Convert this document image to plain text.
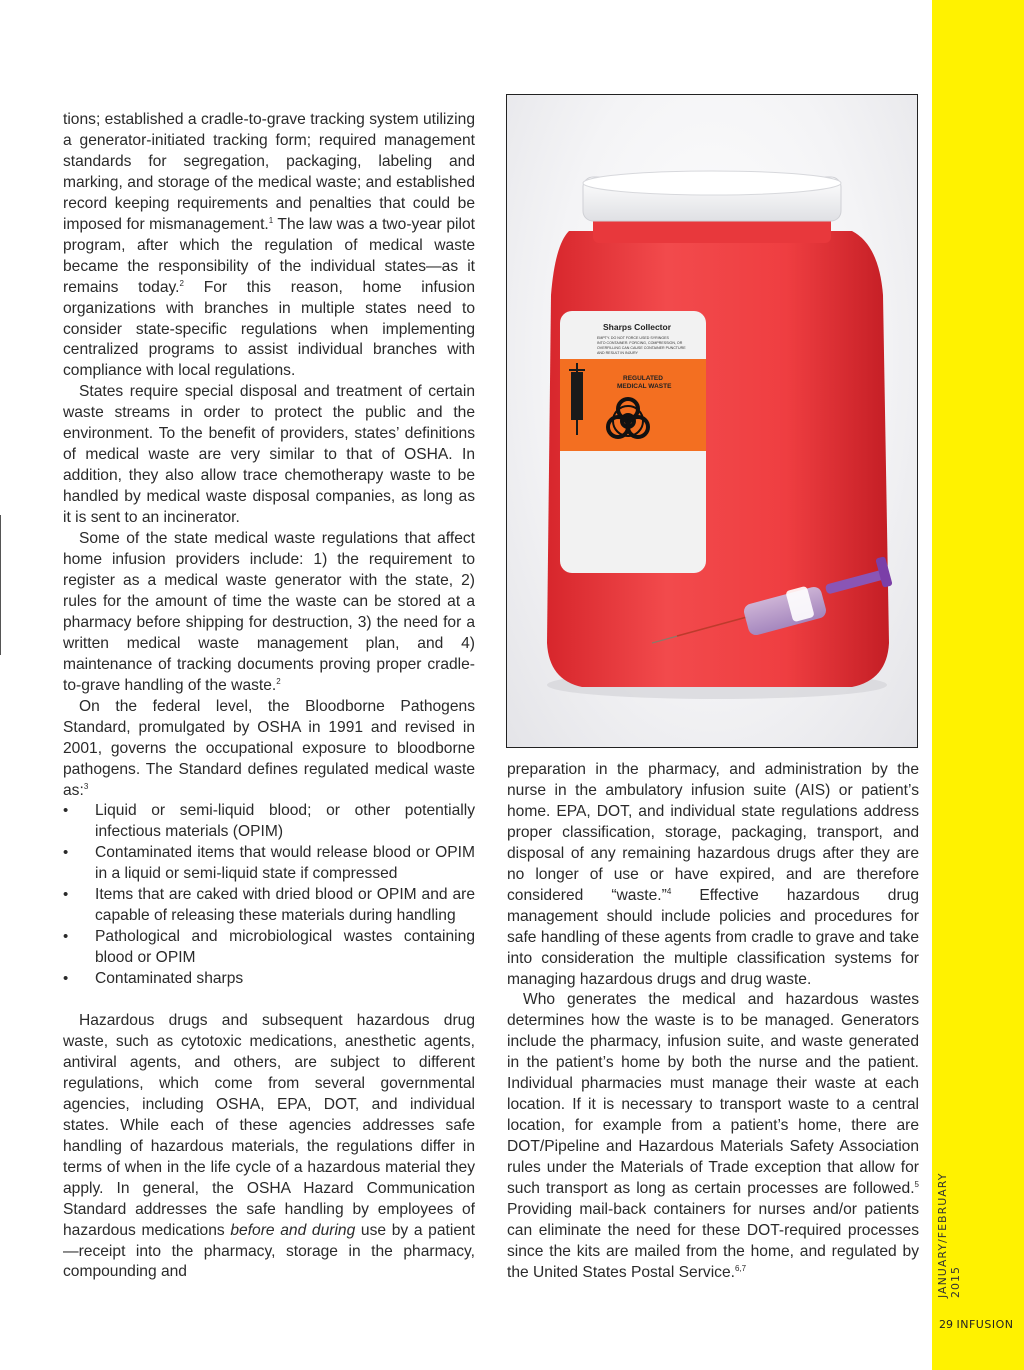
JANUARY/FEBRUARY 2015
29 INFUSION

tions; established a cradle-to-grave tracking system utilizing a generator-initiated tracking form; required management standards for segregation, packaging, labeling and marking, and storage of the medical waste; and established record keeping requirements and penalties that could be imposed for mismanagement.$^1$ The law was a two-year pilot program, after which the regulation of medical waste became the responsibility of the individual states—as it remains today.$^2$ For this reason, home infusion organizations with branches in multiple states need to consider state-specific regulations when implementing centralized programs to assist individual branches with compliance with local regulations.

States require special disposal and treatment of certain waste streams in order to protect the public and the environment. To the benefit of providers, states’ definitions of medical waste are very similar to that of OSHA. In addition, they also allow trace chemotherapy waste to be handled by medical waste disposal companies, as long as it is sent to an incinerator.

Some of the state medical waste regulations that affect home infusion providers include: 1) the requirement to register as a medical waste generator with the state, 2) rules for the amount of time the waste can be stored at a pharmacy before shipping for destruction, 3) the need for a written medical waste management plan, and 4) maintenance of tracking documents proving proper cradle-to-grave handling of the waste.$^2$

On the federal level, the Bloodborne Pathogens Standard, promulgated by OSHA in 1991 and revised in 2001, governs the occupational exposure to bloodborne pathogens. The Standard defines regulated medical waste as:$^3$

• Liquid or semi-liquid blood; or other potentially infectious materials (OPIM)
• Contaminated items that would release blood or OPIM in a liquid or semi-liquid state if compressed
• Items that are caked with dried blood or OPIM and are capable of releasing these materials during handling
• Pathological and microbiological wastes containing blood or OPIM
• Contaminated sharps

Hazardous drugs and subsequent hazardous drug waste, such as cytotoxic medications, anesthetic agents, antiviral agents, and others, are subject to different regulations, which come from several governmental agencies, including OSHA, EPA, DOT, and individual states. While each of these agencies addresses safe handling of hazardous materials, the regulations differ in terms of when in the life cycle of a hazardous material they apply. In general, the OSHA Hazard Communication Standard addresses the safe handling by employees of hazardous medications before and during use by a patient—receipt into the pharmacy, storage in the pharmacy, compounding and

Sharps Collector
EMPTY. DO NOT FORCE USED SYRINGES
INTO CONTAINER. FORCING, COMPRESSION, OR
OVERFILLING CAN CAUSE CONTAINER PUNCTURE
AND RESULT IN INJURY
REGULATED
MEDICAL WASTE

preparation in the pharmacy, and administration by the nurse in the ambulatory infusion suite (AIS) or patient’s home. EPA, DOT, and individual state regulations address proper classification, storage, packaging, transport, and disposal of any remaining hazardous drugs after they are no longer of use or have expired, and are therefore considered “waste.”$^4$ Effective hazardous drug management should include policies and procedures for safe handling of these agents from cradle to grave and take into consideration the multiple classification systems for managing hazardous drugs and drug waste.

Who generates the medical and hazardous wastes determines how the waste is to be managed. Generators include the pharmacy, infusion suite, and waste generated in the patient’s home by both the nurse and the patient. Individual pharmacies must manage their waste at each location. If it is necessary to transport waste to a central location, for example from a patient’s home, there are DOT/Pipeline and Hazardous Materials Safety Association rules under the Materials of Trade exception that allow for such transport as long as certain processes are followed.$^5$ Providing mail-back containers for nurses and/or patients can eliminate the need for these DOT-required processes since the kits are mailed from the home, and regulated by the United States Postal Service.$^{6,7}$
